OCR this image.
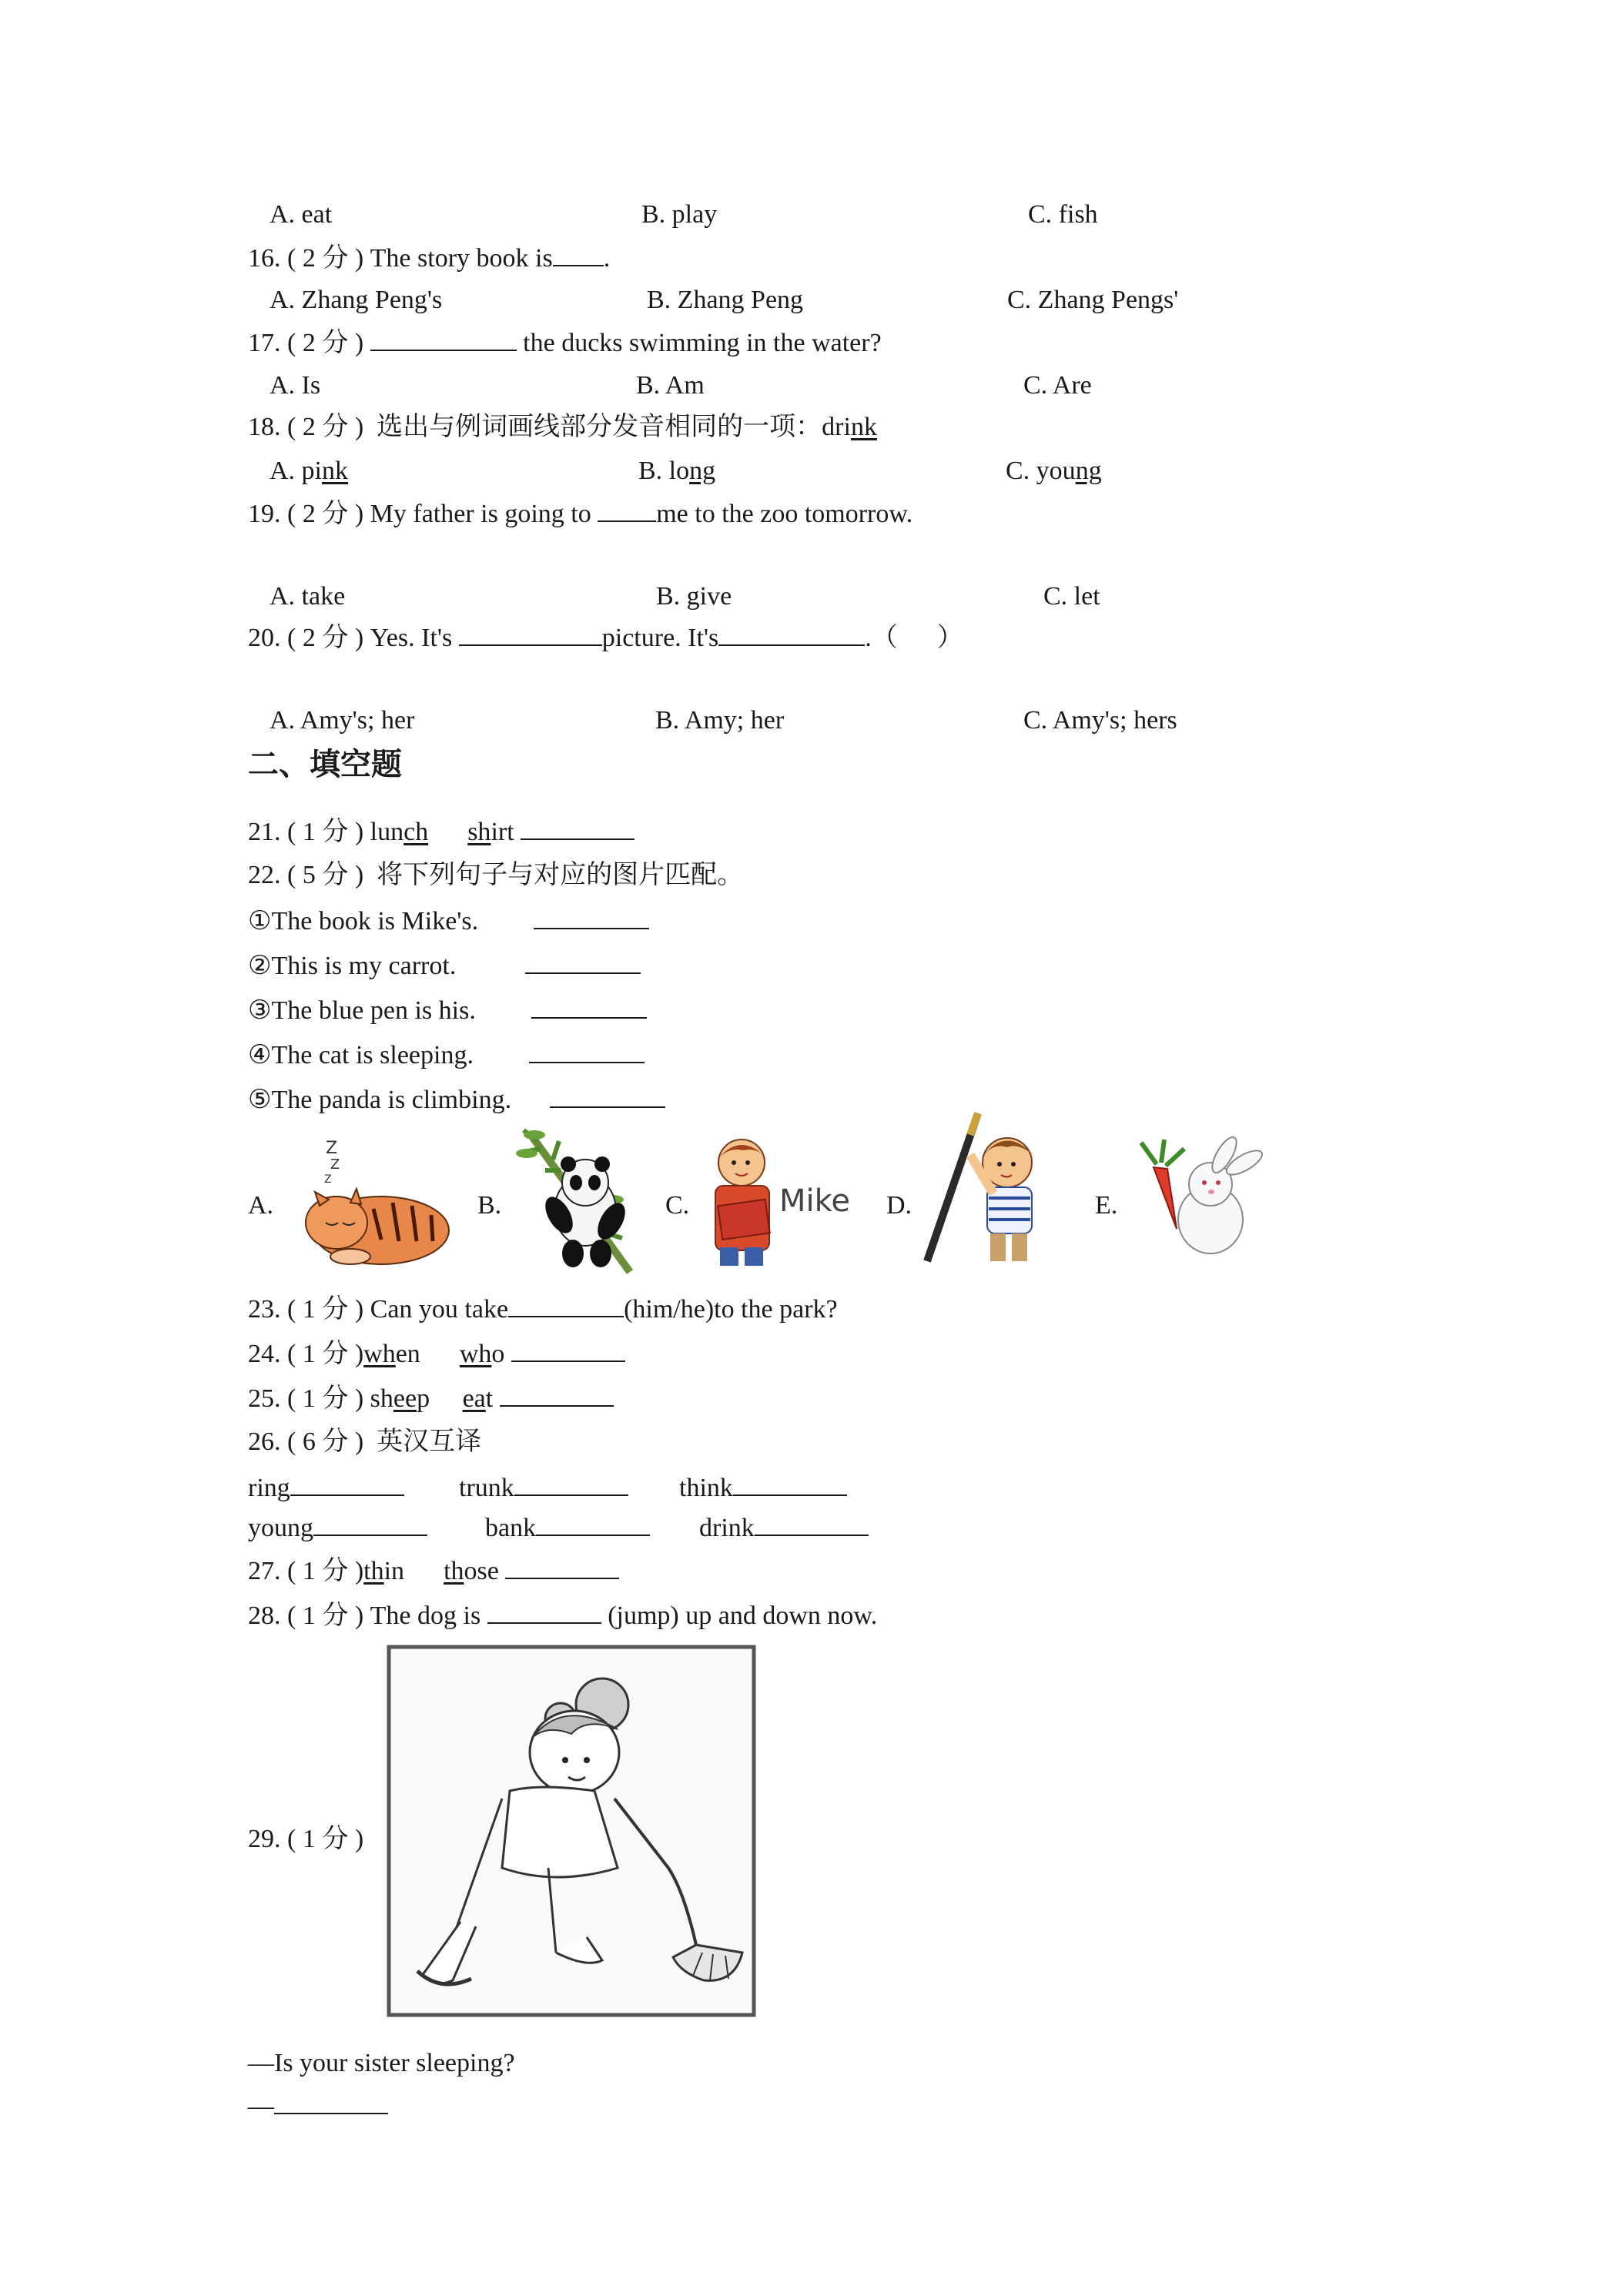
A. eat	B. play	C. fish
16. ( 2 分 ) The story book is .
A. Zhang Peng's	B. Zhang Peng	C. Zhang Pengs'
17. ( 2 分 )	the ducks swimming in the water?
A. Is	B. Am	C. Are
18. ( 2 分 ) 选出与例词画线部分发音相同的一项：drink
A. pink	B. long	C. young
19. ( 2 分 ) My father is going to me to the zoo tomorrow.
A. take	B. give	C. let
20. ( 2 分 ) Yes. It's	picture. It's	.（      ）
A. Amy's; her	B. Amy; her	C. Amy's; hers
二、填空题
21. ( 1 分 ) lunch shirt
22. ( 5 分 ) 将下列句子与对应的图片匹配。
①The book is Mike's.
②This is my carrot.
③The blue pen is his.
④The cat is sleeping.
⑤The panda is climbing.
A.	B.	C.	D.	E.
Z
Z
Z
Mike
23. ( 1 分 ) Can you take	(him/he)to the park?
24. ( 1 分 )when who
25. ( 1 分 ) sheep eat
26. ( 6 分 ) 英汉互译
ring	trunk	think
young	bank	drink
27. ( 1 分 )thin those
28. ( 1 分 ) The dog is	(jump) up and down now.
29. ( 1 分 )
—Is your sister sleeping?
—
